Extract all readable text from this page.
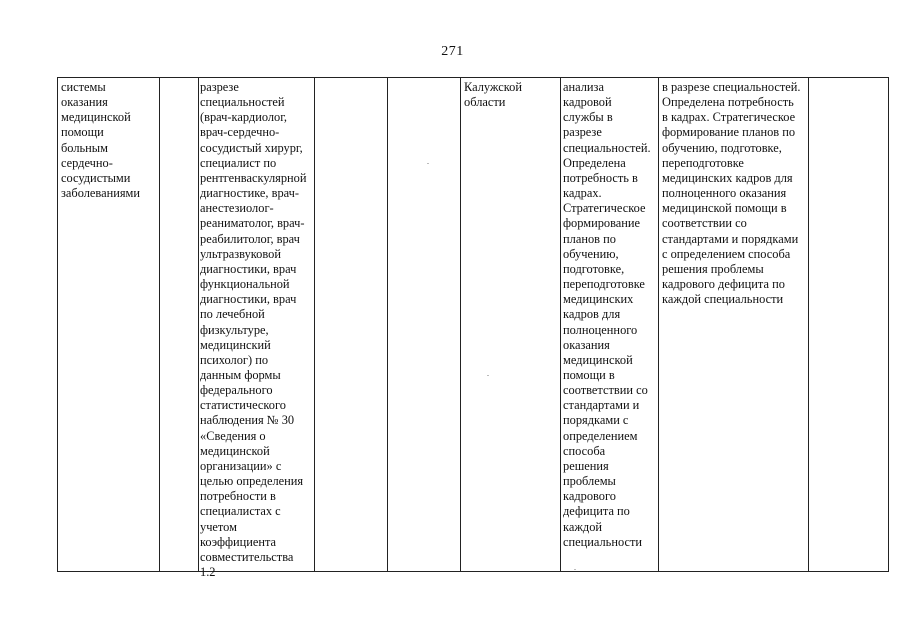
271
системы
оказания
медицинской
помощи
больным
сердечно-
сосудистыми
заболеваниями
разрезе
специальностей
(врач-кардиолог,
врач-сердечно-
сосудистый хирург,
специалист по
рентгенваскулярной
диагностике, врач-
анестезиолог-
реаниматолог, врач-
реабилитолог, врач
ультразвуковой
диагностики, врач
функциональной
диагностики, врач
по лечебной
физкультуре,
медицинский
психолог) по
данным формы
федерального
статистического
наблюдения № 30
«Сведения о
медицинской
организации» с
целью определения
потребности в
специалистах с
учетом
коэффициента
совместительства
1.2
Калужской
области
анализа
кадровой
службы в
разрезе
специальностей.
Определена
потребность в
кадрах.
Стратегическое
формирование
планов по
обучению,
подготовке,
переподготовке
медицинских
кадров для
полноценного
оказания
медицинской
помощи в
соответствии со
стандартами и
порядками с
определением
способа
решения
проблемы
кадрового
дефицита по
каждой
специальности
в разрезе специальностей.
Определена потребность
в кадрах. Стратегическое
формирование планов по
обучению, подготовке,
переподготовке
медицинских кадров для
полноценного оказания
медицинской помощи в
соответствии со
стандартами и порядками
с определением способа
решения проблемы
кадрового дефицита по
каждой специальности
